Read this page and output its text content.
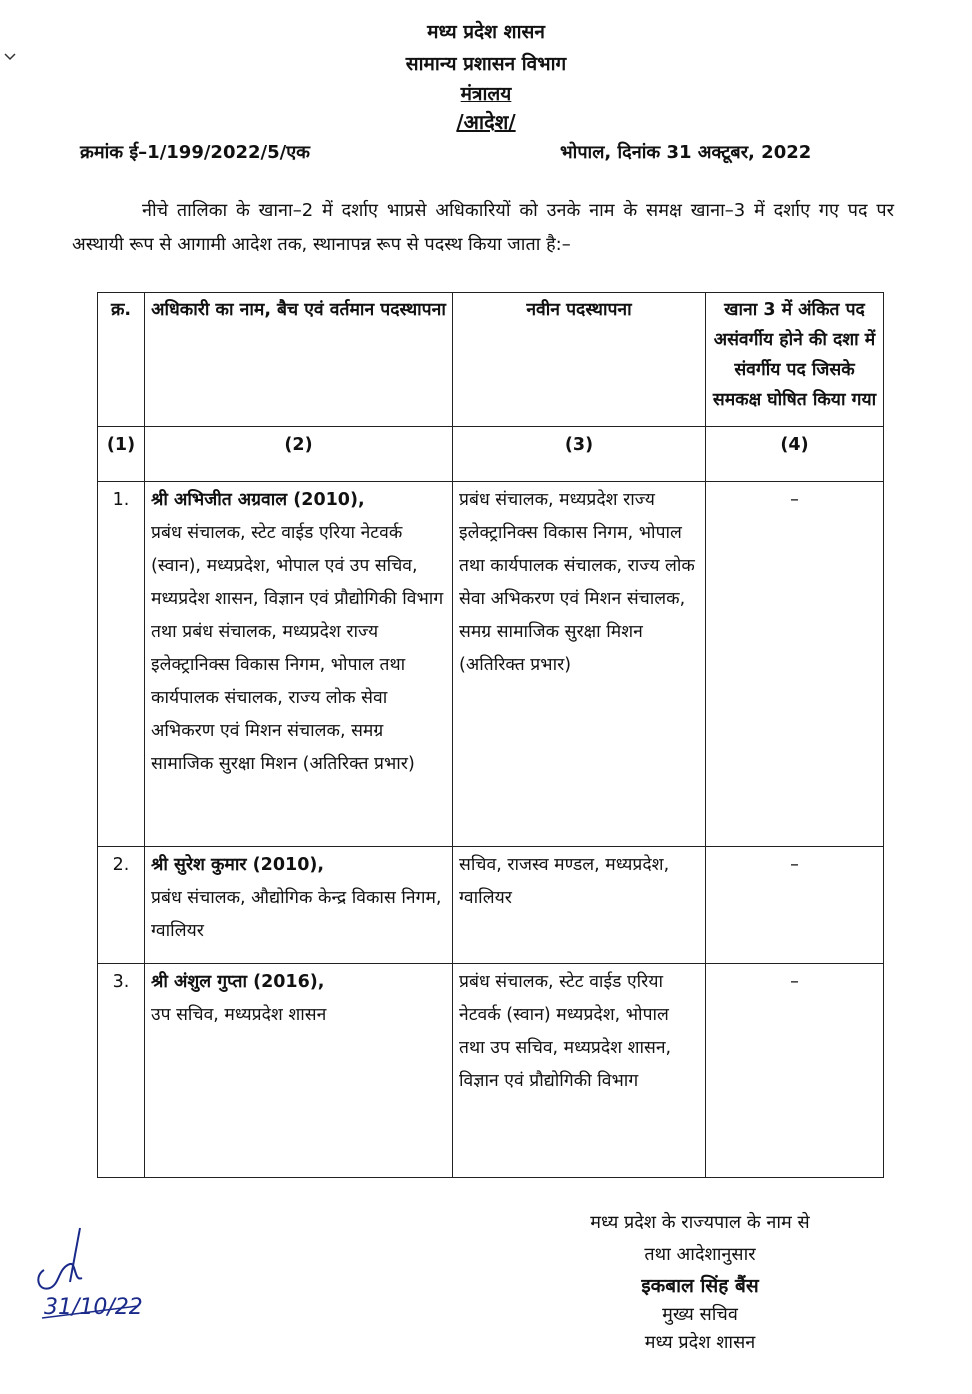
मध्य प्रदेश शासन
सामान्य प्रशासन विभाग
मंत्रालय
/आदेश/
क्रमांक ई–1/199/2022/5/एक	भोपाल, दिनांक 31 अक्टूबर, 2022
नीचे तालिका के खाना–2 में दर्शाए भाप्रसे अधिकारियों को उनके नाम के समक्ष खाना–3 में दर्शाए गए पद पर अस्थायी रूप से आगामी आदेश तक, स्थानापन्न रूप से पदस्थ किया जाता है:–
क्र.	अधिकारी का नाम, बैच एवं वर्तमान पदस्थापना	नवीन पदस्थापना	खाना 3 में अंकित पद असंवर्गीय होने की दशा में संवर्गीय पद जिसके समकक्ष घोषित किया गया
(1)	(2)	(3)	(4)
1.	श्री अभिजीत अग्रवाल (2010),
प्रबंध संचालक, स्टेट वाईड एरिया नेटवर्क (स्वान), मध्यप्रदेश, भोपाल एवं उप सचिव, मध्यप्रदेश शासन, विज्ञान एवं प्रौद्योगिकी विभाग तथा प्रबंध संचालक, मध्यप्रदेश राज्य इलेक्ट्रानिक्स विकास निगम, भोपाल तथा कार्यपालक संचालक, राज्य लोक सेवा अभिकरण एवं मिशन संचालक, समग्र सामाजिक सुरक्षा मिशन (अतिरिक्त प्रभार)	प्रबंध संचालक, मध्यप्रदेश राज्य इलेक्ट्रानिक्स विकास निगम, भोपाल तथा कार्यपालक संचालक, राज्य लोक सेवा अभिकरण एवं मिशन संचालक, समग्र सामाजिक सुरक्षा मिशन (अतिरिक्त प्रभार)	–
2.	श्री सुरेश कुमार (2010),
प्रबंध संचालक, औद्योगिक केन्द्र विकास निगम, ग्वालियर	सचिव, राजस्व मण्डल, मध्यप्रदेश, ग्वालियर	–
3.	श्री अंशुल गुप्ता (2016),
उप सचिव, मध्यप्रदेश शासन	प्रबंध संचालक, स्टेट वाईड एरिया नेटवर्क (स्वान) मध्यप्रदेश, भोपाल तथा उप सचिव, मध्यप्रदेश शासन, विज्ञान एवं प्रौद्योगिकी विभाग	–
मध्य प्रदेश के राज्यपाल के नाम से
तथा आदेशानुसार
इकबाल सिंह बैंस
मुख्य सचिव
मध्य प्रदेश शासन
31/10/22
